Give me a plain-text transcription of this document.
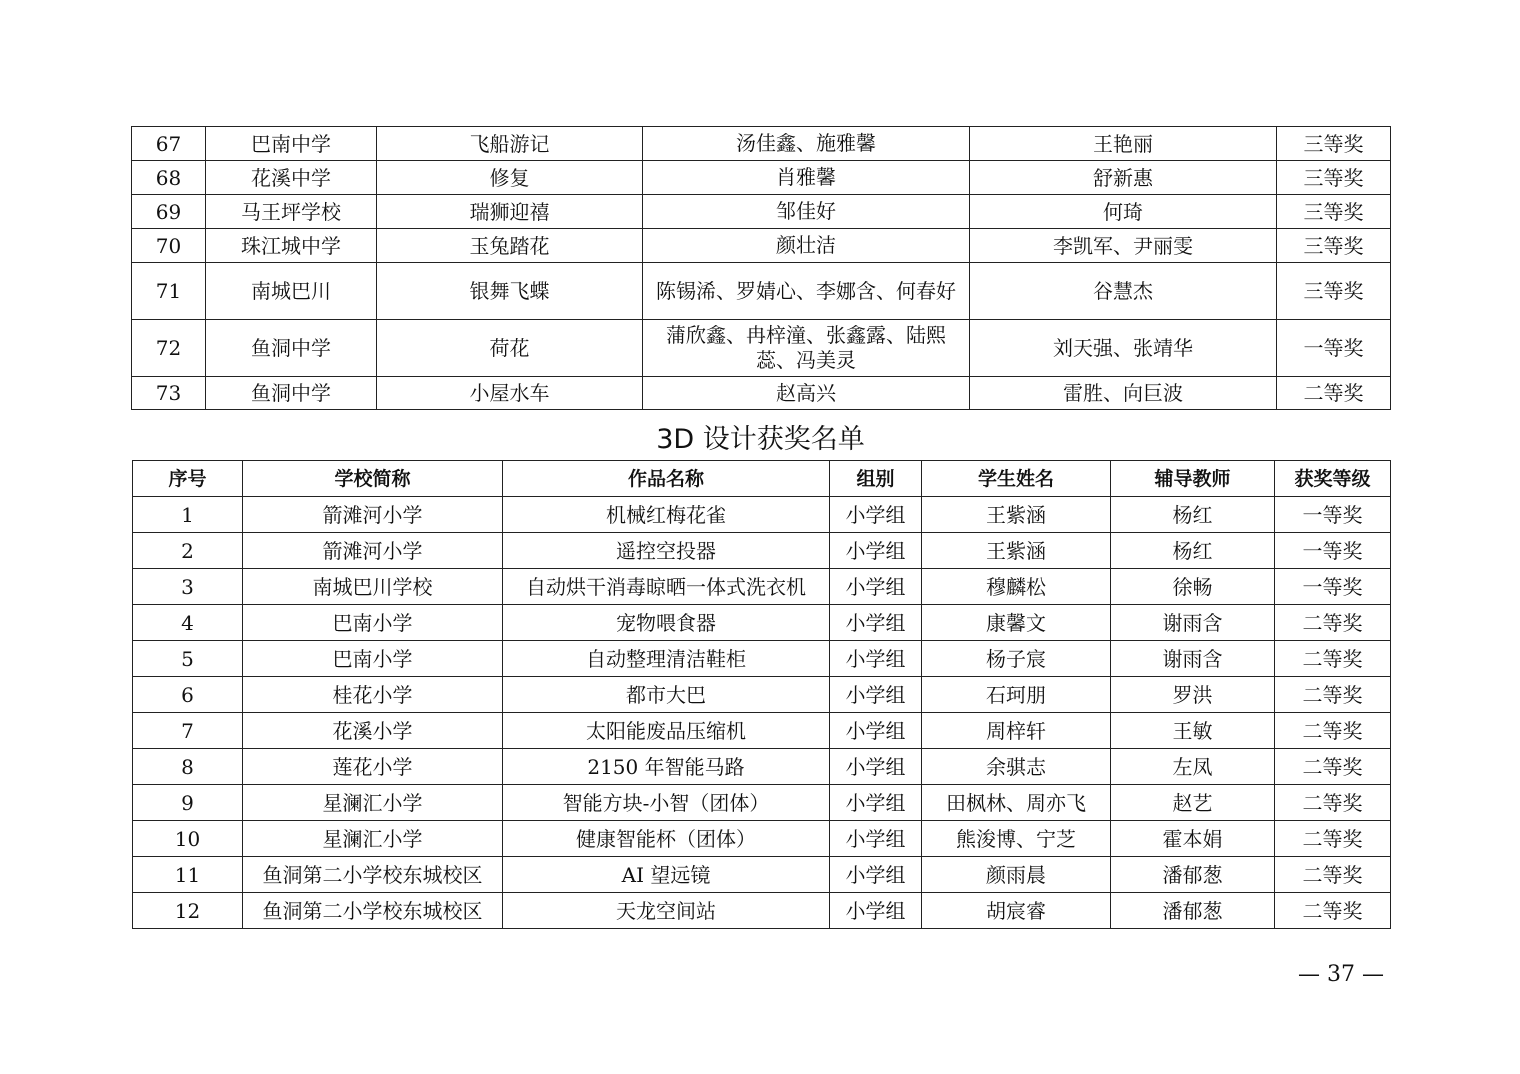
67	巴南中学	飞船游记	汤佳鑫、施雅馨	王艳丽	三等奖
68	花溪中学	修复	肖雅馨	舒新惠	三等奖
69	马王坪学校	瑞狮迎禧	邹佳好	何琦	三等奖
70	珠江城中学	玉兔踏花	颜壮洁	李凯军、尹丽雯	三等奖
71	南城巴川	银舞飞蝶	陈锡浠、罗婧心、李娜含、何春好	谷慧杰	三等奖
72	鱼洞中学	荷花	蒲欣鑫、冉梓潼、张鑫露、陆熙蕊、冯美灵	刘天强、张靖华	一等奖
73	鱼洞中学	小屋水车	赵高兴	雷胜、向巨波	二等奖
3D 设计获奖名单
序号	学校简称	作品名称	组别	学生姓名	辅导教师	获奖等级
1	箭滩河小学	机械红梅花雀	小学组	王紫涵	杨红	一等奖
2	箭滩河小学	遥控空投器	小学组	王紫涵	杨红	一等奖
3	南城巴川学校	自动烘干消毒晾晒一体式洗衣机	小学组	穆麟松	徐畅	一等奖
4	巴南小学	宠物喂食器	小学组	康馨文	谢雨含	二等奖
5	巴南小学	自动整理清洁鞋柜	小学组	杨子宸	谢雨含	二等奖
6	桂花小学	都市大巴	小学组	石珂朋	罗洪	二等奖
7	花溪小学	太阳能废品压缩机	小学组	周梓轩	王敏	二等奖
8	莲花小学	2150 年智能马路	小学组	余骐志	左凤	二等奖
9	星澜汇小学	智能方块-小智（团体）	小学组	田枫林、周亦飞	赵艺	二等奖
10	星澜汇小学	健康智能杯（团体）	小学组	熊浚博、宁芝	霍本娟	二等奖
11	鱼洞第二小学校东城校区	AI 望远镜	小学组	颜雨晨	潘郁葱	二等奖
12	鱼洞第二小学校东城校区	天龙空间站	小学组	胡宸睿	潘郁葱	二等奖
— 37 —
